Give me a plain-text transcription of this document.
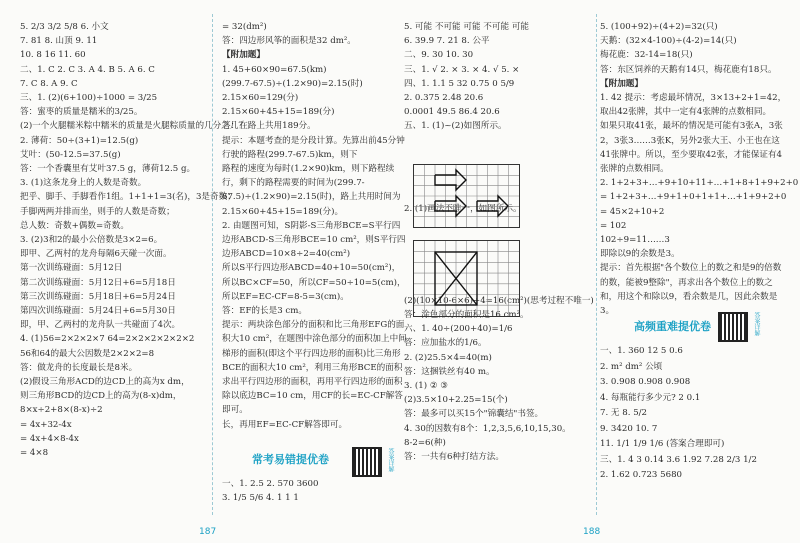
5. 2/3 3/2 5/8 6. 小文
7. 81 8. 山顶 9. 11
10. 8 16 11. 60
二、1. C 2. C 3. A 4. B 5. A 6. C
7. C 8. A 9. C
三、1. (2)(6+100)÷1000 = 3/25
答：蜜枣的质量是糯米的3/25。
(2)一个火腿糯米粽中糯米的质量是火腿粽质量的几分之几？
2. 薄荷：50÷(3+1)=12.5(g)
艾叶：(50-12.5=37.5(g)
答：一个香囊里有艾叶37.5 g，薄荷12.5 g。
3. (1)这条龙身上的人数是奇数。
把乎、脚手、手脚看作1组。1+1+1=3(名)，3是奇数；
手脚两两并排而坐，则手的人数是奇数；
总人数：奇数+偶数=奇数。
3. (2)3和2的最小公倍数是3×2=6。
即甲、乙两村的龙舟每隔6天碰一次面。
第一次训练碰面：5月12日
第二次训练碰面：5月12日+6=5月18日
第三次训练碰面：5月18日+6=5月24日
第四次训练碰面：5月24日+6=5月30日
即，甲、乙两村的龙舟队一共碰面了4次。
4. (1)56=2×2×2×7 64=2×2×2×2×2×2
56和64的最大公因数是2×2×2=8
答：做龙舟的长度最长是8米。
(2)假设三角形ACD的边CD上的高为x dm，
则三角形BCD的边CD上的高为(8-x)dm，
8×x÷2+8×(8-x)÷2
= 4x+32-4x
= 4x+4×8-4x
= 4×8
= 32(dm²)
答：四边形风筝的面积是32 dm²。
【附加题】
1. 45+60×90=67.5(km)
(299.7-67.5)÷(1.2×90)=2.15(时)
2.15×60=129(分)
2.15×60+45+15=189(分)
答：在路上共用189分。
提示：本题考查的是分段计算。先算出前45分钟行驶的路程(299.7-67.5)km，则下
路程的速度为每时(1.2×90)km，则下路程续行，剩下的路程需要的时间为(299.7-67.5)÷(1.2×90)=2.15(时)，路上共用时间为2.15×60+45+15=189(分)。
2. 由题图可知，S阴影-S三角形BCE=S平行四边形ABCD-S三角形BCE=10 cm²，则S平行四边形ABCD=10×8÷2=40(cm²)
所以S平行四边形ABCD=40+10=50(cm²)，所以BC×CF=50，所以CF=50÷10=5(cm)，所以EF=EC-CF=8-5=3(cm)。
答：EF的长是3 cm。
提示：两块涂色部分的面积和比三角形EFG的面积大10 cm²，在题图中涂色部分的面积加上中间梯形的面积(即这个平行四边形的面积)比三角形BCE的面积大10 cm²，利用三角形BCE的面积求出平行四边形的面积，再用平行四边形的面积除以底边BC=10 cm，用CF的长=EC-CF解答即可。
长，再用EF=EC-CF解答即可。
常考易错提优卷	答案详解
一、1. 2.5 2. 570 3600
3. 1/5 5/6 4. 1 1 1
5. 可能 不可能 可能 不可能 可能
6. 39.9 7. 21 8. 公平
二、9. 30 10. 30
三、1. √ 2. × 3. × 4. √ 5. ×
四、1. 1.1 5 32 0.75 0 5/9
2. 0.375 2.48 20.6
0.0001 49.5 86.4 20.6
五、1. (1)~(2)如图所示。
2. (1)画法不唯一，如图所示。
(2)(10×10-6×6)÷4=16(cm²)(思考过程不唯一)
答：涂色部分的面积是16 cm²。
六、1. 40÷(200+40)=1/6
答：应加盐水的1/6。
2. (2)25.5×4=40(m)
答：这捆铁丝有40 m。
3. (1) ② ③
(2)3.5×10+2.25=15(个)
答：最多可以买15个"锦囊结"书签。
4. 30的因数有8个：1,2,3,5,6,10,15,30。
8-2=6(种)
答：一共有6种打结方法。
5. (100+92)÷(4+2)=32(只)
天鹅：(32×4-100)÷(4-2)=14(只)
梅花鹿：32-14=18(只)
答：东区饲养的天鹅有14只，梅花鹿有18只。
【附加题】
1. 42 提示：考虑最坏情况，3×13+2+1=42，取出42张牌，其中一定有4张牌的点数相同。
如果只取41张，最坏的情况是可能有3张A，3张2，3张3……3张K，另外2张大王、小王也在这41张牌中。所以，至少要取42张，才能保证有4张牌的点数相同。
2. 1+2+3+…+9+10+11+…+1+8+1+9+2+0
= 1+2+3+…+9+1+0+1+1+…+1+9+2+0
= 45×2+10+2
= 102
102÷9=11……3
即除以9的余数是3。
提示：首先根据"各个数位上的数之和是9的倍数的数，能被9整除"，再求出各个数位上的数之和，用这个和除以9，看余数是几，因此余数是3。
高频重难提优卷	答案详解
一、1. 360 12 5 0.6
2. m² dm² 公顷
3. 0.908 0.908 0.908
4. 每瓶能行多少元? 2 0.1
7. 无 8. 5/2
9. 3420 10. 7
11. 1/1 1/9 1/6 (答案合理即可)
三、1. 4 3 0.14 3.6 1.92 7.28 2/3 1/2
2. 1.62 0.723 5680
187	188
